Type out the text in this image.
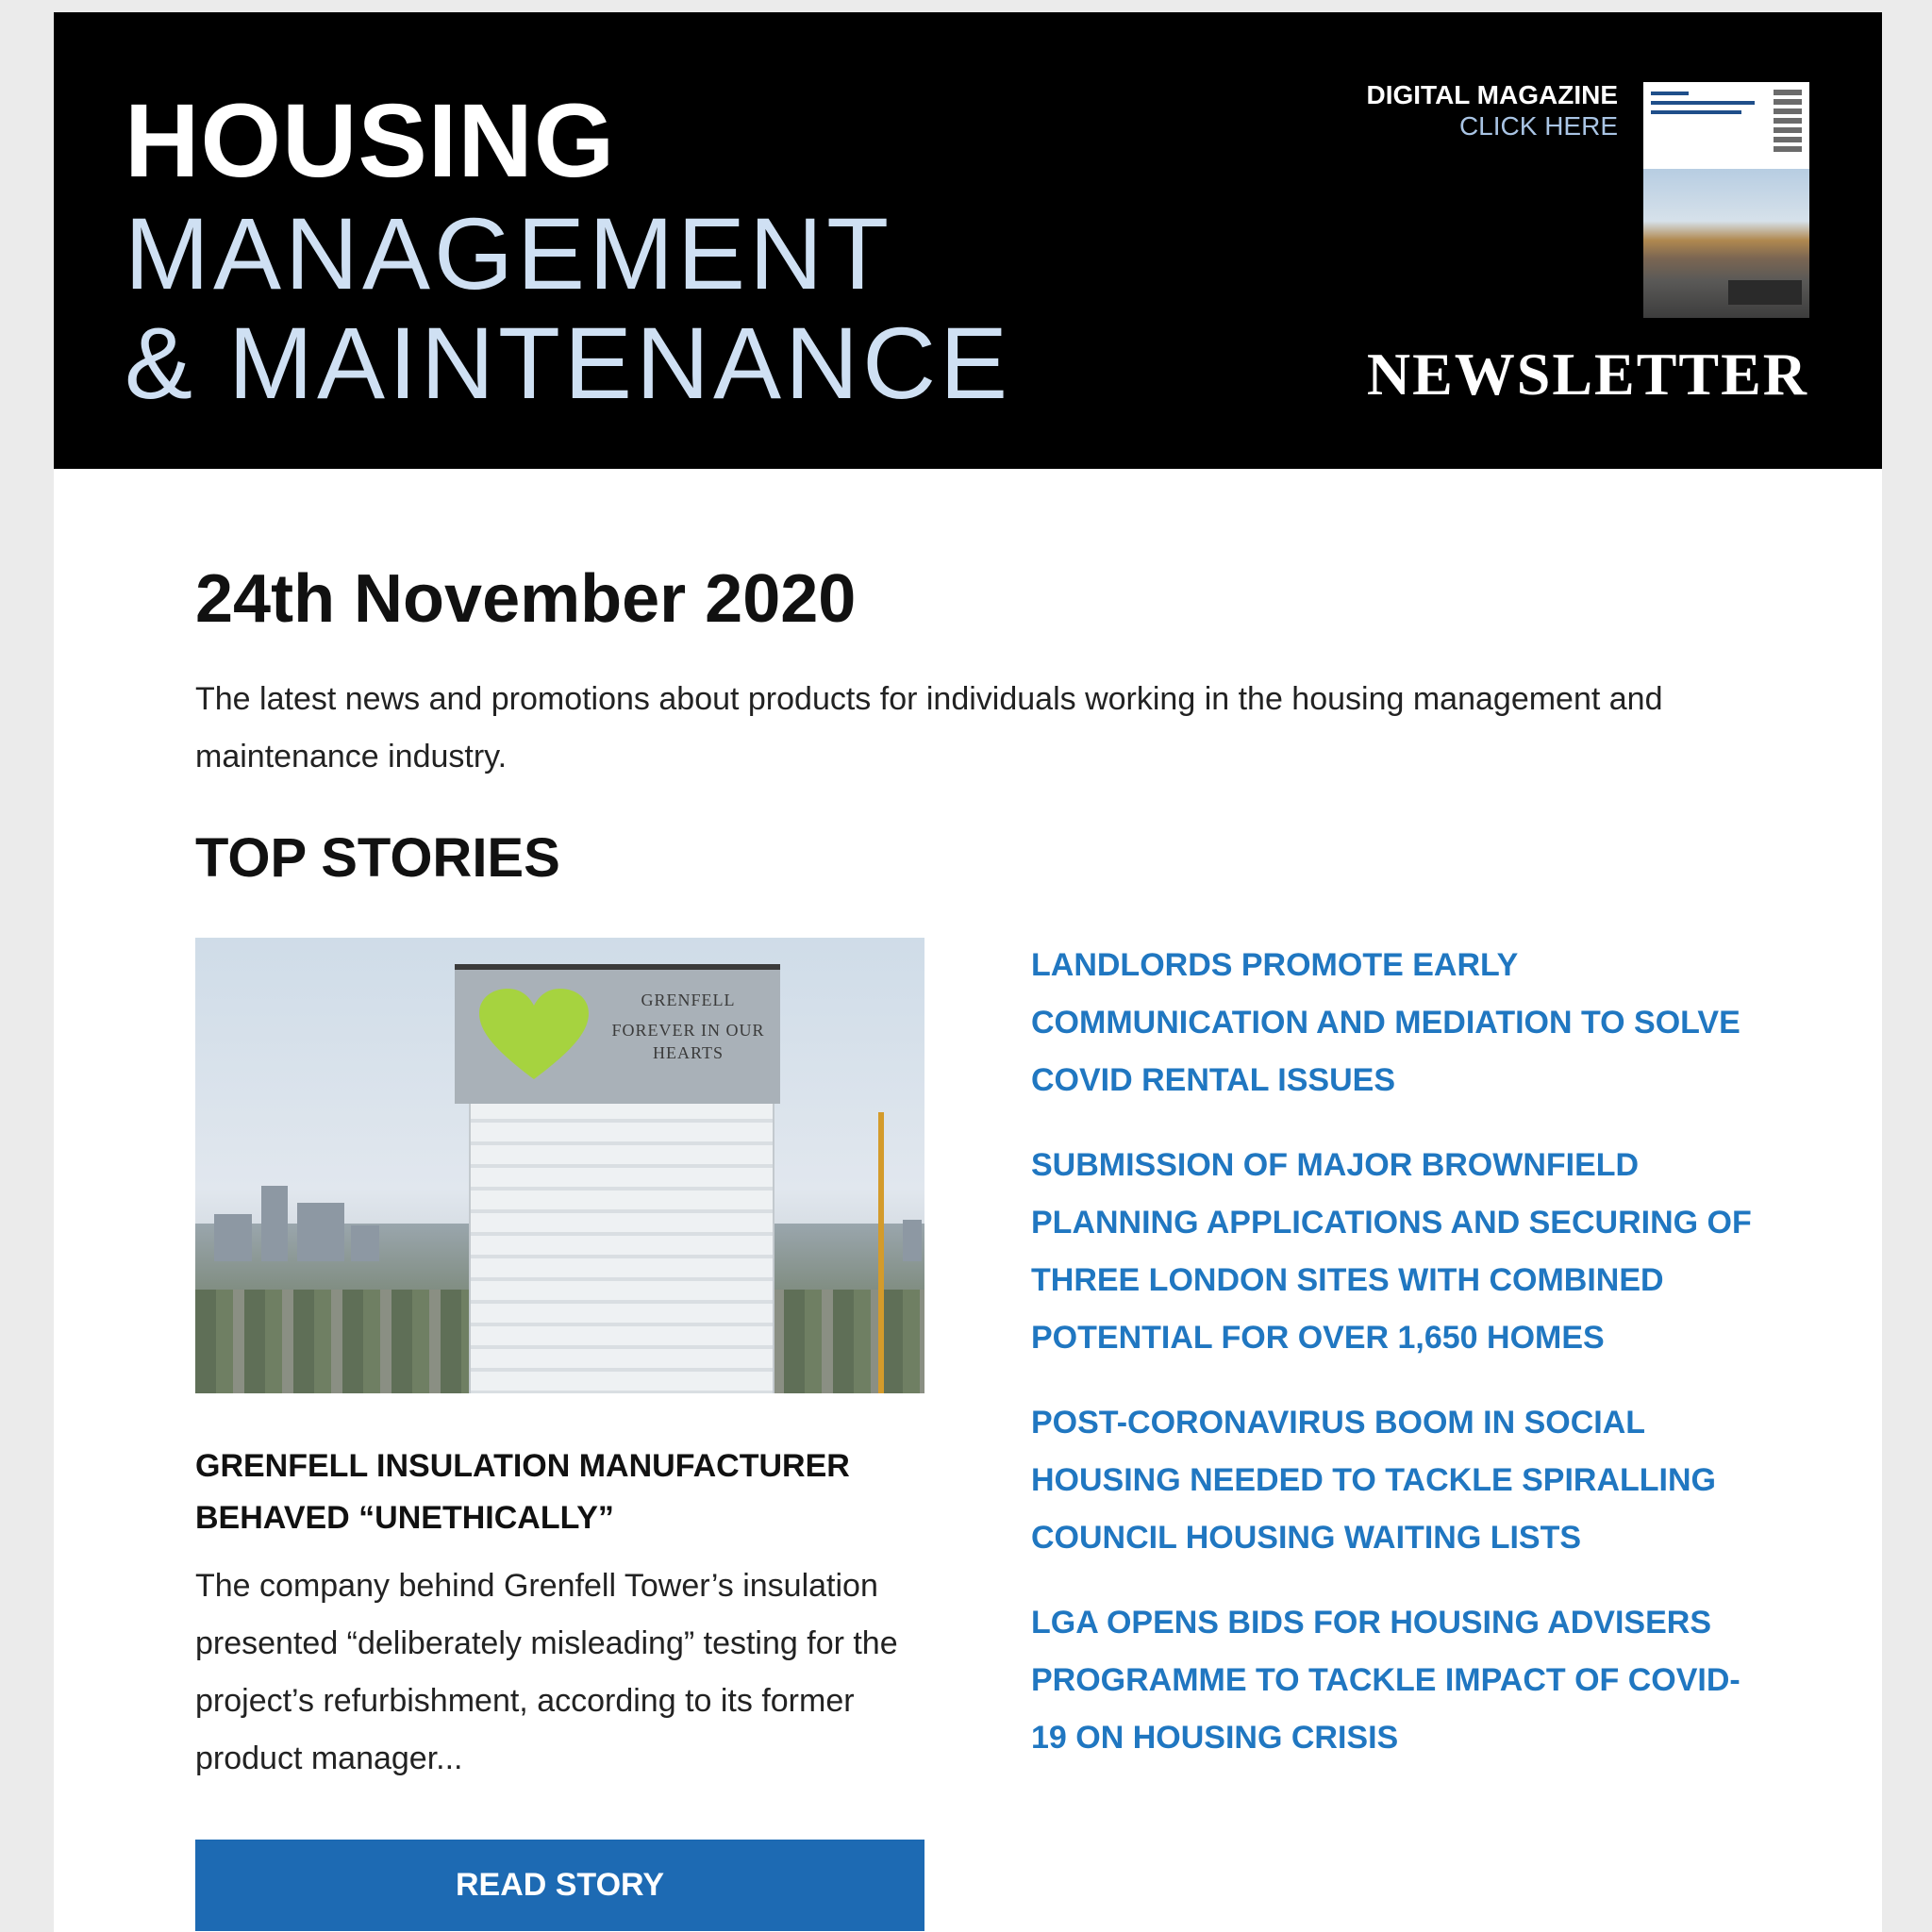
HOUSING

MANAGEMENT

& MAINTENANCE

DIGITAL MAGAZINE
CLICK HERE

NEWSLETTER

24th November 2020

The latest news and promotions about products for individuals working in the housing management and maintenance industry.

TOP STORIES
GRENFELL
FOREVER IN OUR HEARTS
GRENFELL INSULATION MANUFACTURER BEHAVED “UNETHICALLY”

The company behind Grenfell Tower’s insulation presented “deliberately misleading” testing for the project’s refurbishment, according to its former product manager...

READ STORY
LANDLORDS PROMOTE EARLY COMMUNICATION AND MEDIATION TO SOLVE COVID RENTAL ISSUES
SUBMISSION OF MAJOR BROWNFIELD PLANNING APPLICATIONS AND SECURING OF THREE LONDON SITES WITH COMBINED POTENTIAL FOR OVER 1,650 HOMES
POST-CORONAVIRUS BOOM IN SOCIAL HOUSING NEEDED TO TACKLE SPIRALLING COUNCIL HOUSING WAITING LISTS
LGA OPENS BIDS FOR HOUSING ADVISERS PROGRAMME TO TACKLE IMPACT OF COVID-19 ON HOUSING CRISIS
